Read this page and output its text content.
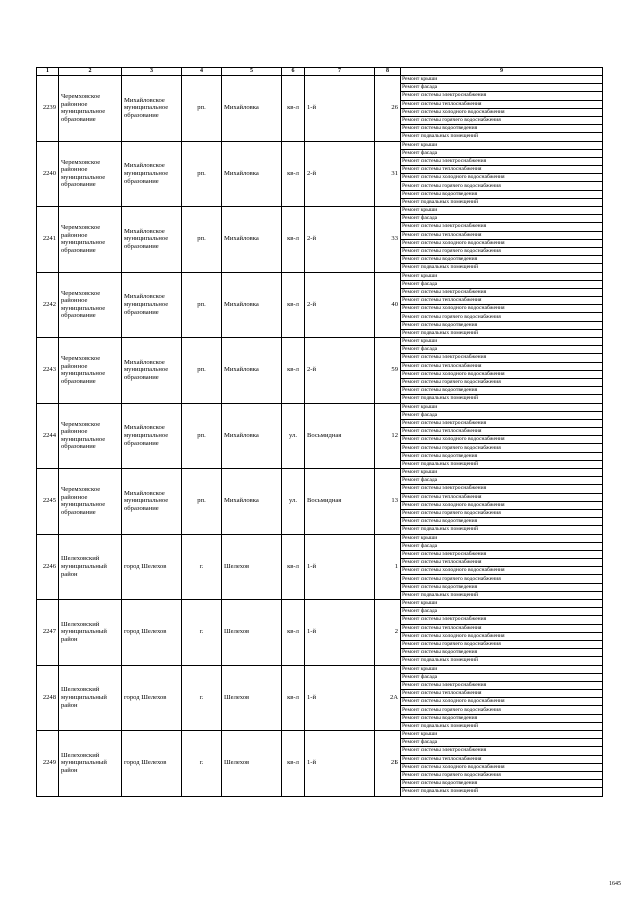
1	2	3	4	5	6	7	8	9
2239	Черемховское районное муниципальное образование	Михайловское муниципальное образование	рп.	Михайловка	кв-л	1-й	26	Ремонт крыши
								Ремонт фасада
								Ремонт системы электроснабжения
								Ремонт системы теплоснабжения
								Ремонт системы холодного водоснабжения
								Ремонт системы горячего водоснабжения
								Ремонт системы водоотведения
								Ремонт подвальных помещений
2240	Черемховское районное муниципальное образование	Михайловское муниципальное образование	рп.	Михайловка	кв-л	2-й	31	Ремонт крыши
								Ремонт фасада
								Ремонт системы электроснабжения
								Ремонт системы теплоснабжения
								Ремонт системы холодного водоснабжения
								Ремонт системы горячего водоснабжения
								Ремонт системы водоотведения
								Ремонт подвальных помещений
2241	Черемховское районное муниципальное образование	Михайловское муниципальное образование	рп.	Михайловка	кв-л	2-й	33	Ремонт крыши
								Ремонт фасада
								Ремонт системы электроснабжения
								Ремонт системы теплоснабжения
								Ремонт системы холодного водоснабжения
								Ремонт системы горячего водоснабжения
								Ремонт системы водоотведения
								Ремонт подвальных помещений
2242	Черемховское районное муниципальное образование	Михайловское муниципальное образование	рп.	Михайловка	кв-л	2-й	40	Ремонт крыши
								Ремонт фасада
								Ремонт системы электроснабжения
								Ремонт системы теплоснабжения
								Ремонт системы холодного водоснабжения
								Ремонт системы горячего водоснабжения
								Ремонт системы водоотведения
								Ремонт подвальных помещений
2243	Черемховское районное муниципальное образование	Михайловское муниципальное образование	рп.	Михайловка	кв-л	2-й	59	Ремонт крыши
								Ремонт фасада
								Ремонт системы электроснабжения
								Ремонт системы теплоснабжения
								Ремонт системы холодного водоснабжения
								Ремонт системы горячего водоснабжения
								Ремонт системы водоотведения
								Ремонт подвальных помещений
2244	Черемховское районное муниципальное образование	Михайловское муниципальное образование	рп.	Михайловка	ул.	Восьмидная	12	Ремонт крыши
								Ремонт фасада
								Ремонт системы электроснабжения
								Ремонт системы теплоснабжения
								Ремонт системы холодного водоснабжения
								Ремонт системы горячего водоснабжения
								Ремонт системы водоотведения
								Ремонт подвальных помещений
2245	Черемховское районное муниципальное образование	Михайловское муниципальное образование	рп.	Михайловка	ул.	Восьмидная	13	Ремонт крыши
								Ремонт фасада
								Ремонт системы электроснабжения
								Ремонт системы теплоснабжения
								Ремонт системы холодного водоснабжения
								Ремонт системы горячего водоснабжения
								Ремонт системы водоотведения
								Ремонт подвальных помещений
2246	Шелеховский муниципальный район	город Шелехов	г.	Шелехов	кв-л	1-й	1	Ремонт крыши
								Ремонт фасада
								Ремонт системы электроснабжения
								Ремонт системы теплоснабжения
								Ремонт системы холодного водоснабжения
								Ремонт системы горячего водоснабжения
								Ремонт системы водоотведения
								Ремонт подвальных помещений
2247	Шелеховский муниципальный район	город Шелехов	г.	Шелехов	кв-л	1-й	2	Ремонт крыши
								Ремонт фасада
								Ремонт системы электроснабжения
								Ремонт системы теплоснабжения
								Ремонт системы холодного водоснабжения
								Ремонт системы горячего водоснабжения
								Ремонт системы водоотведения
								Ремонт подвальных помещений
2248	Шелеховский муниципальный район	город Шелехов	г.	Шелехов	кв-л	1-й	2А	Ремонт крыши
								Ремонт фасада
								Ремонт системы электроснабжения
								Ремонт системы теплоснабжения
								Ремонт системы холодного водоснабжения
								Ремонт системы горячего водоснабжения
								Ремонт системы водоотведения
								Ремонт подвальных помещений
2249	Шелеховский муниципальный район	город Шелехов	г.	Шелехов	кв-л	1-й	2Б	Ремонт крыши
								Ремонт фасада
								Ремонт системы электроснабжения
								Ремонт системы теплоснабжения
								Ремонт системы холодного водоснабжения
								Ремонт системы горячего водоснабжения
								Ремонт системы водоотведения
								Ремонт подвальных помещений
1645
